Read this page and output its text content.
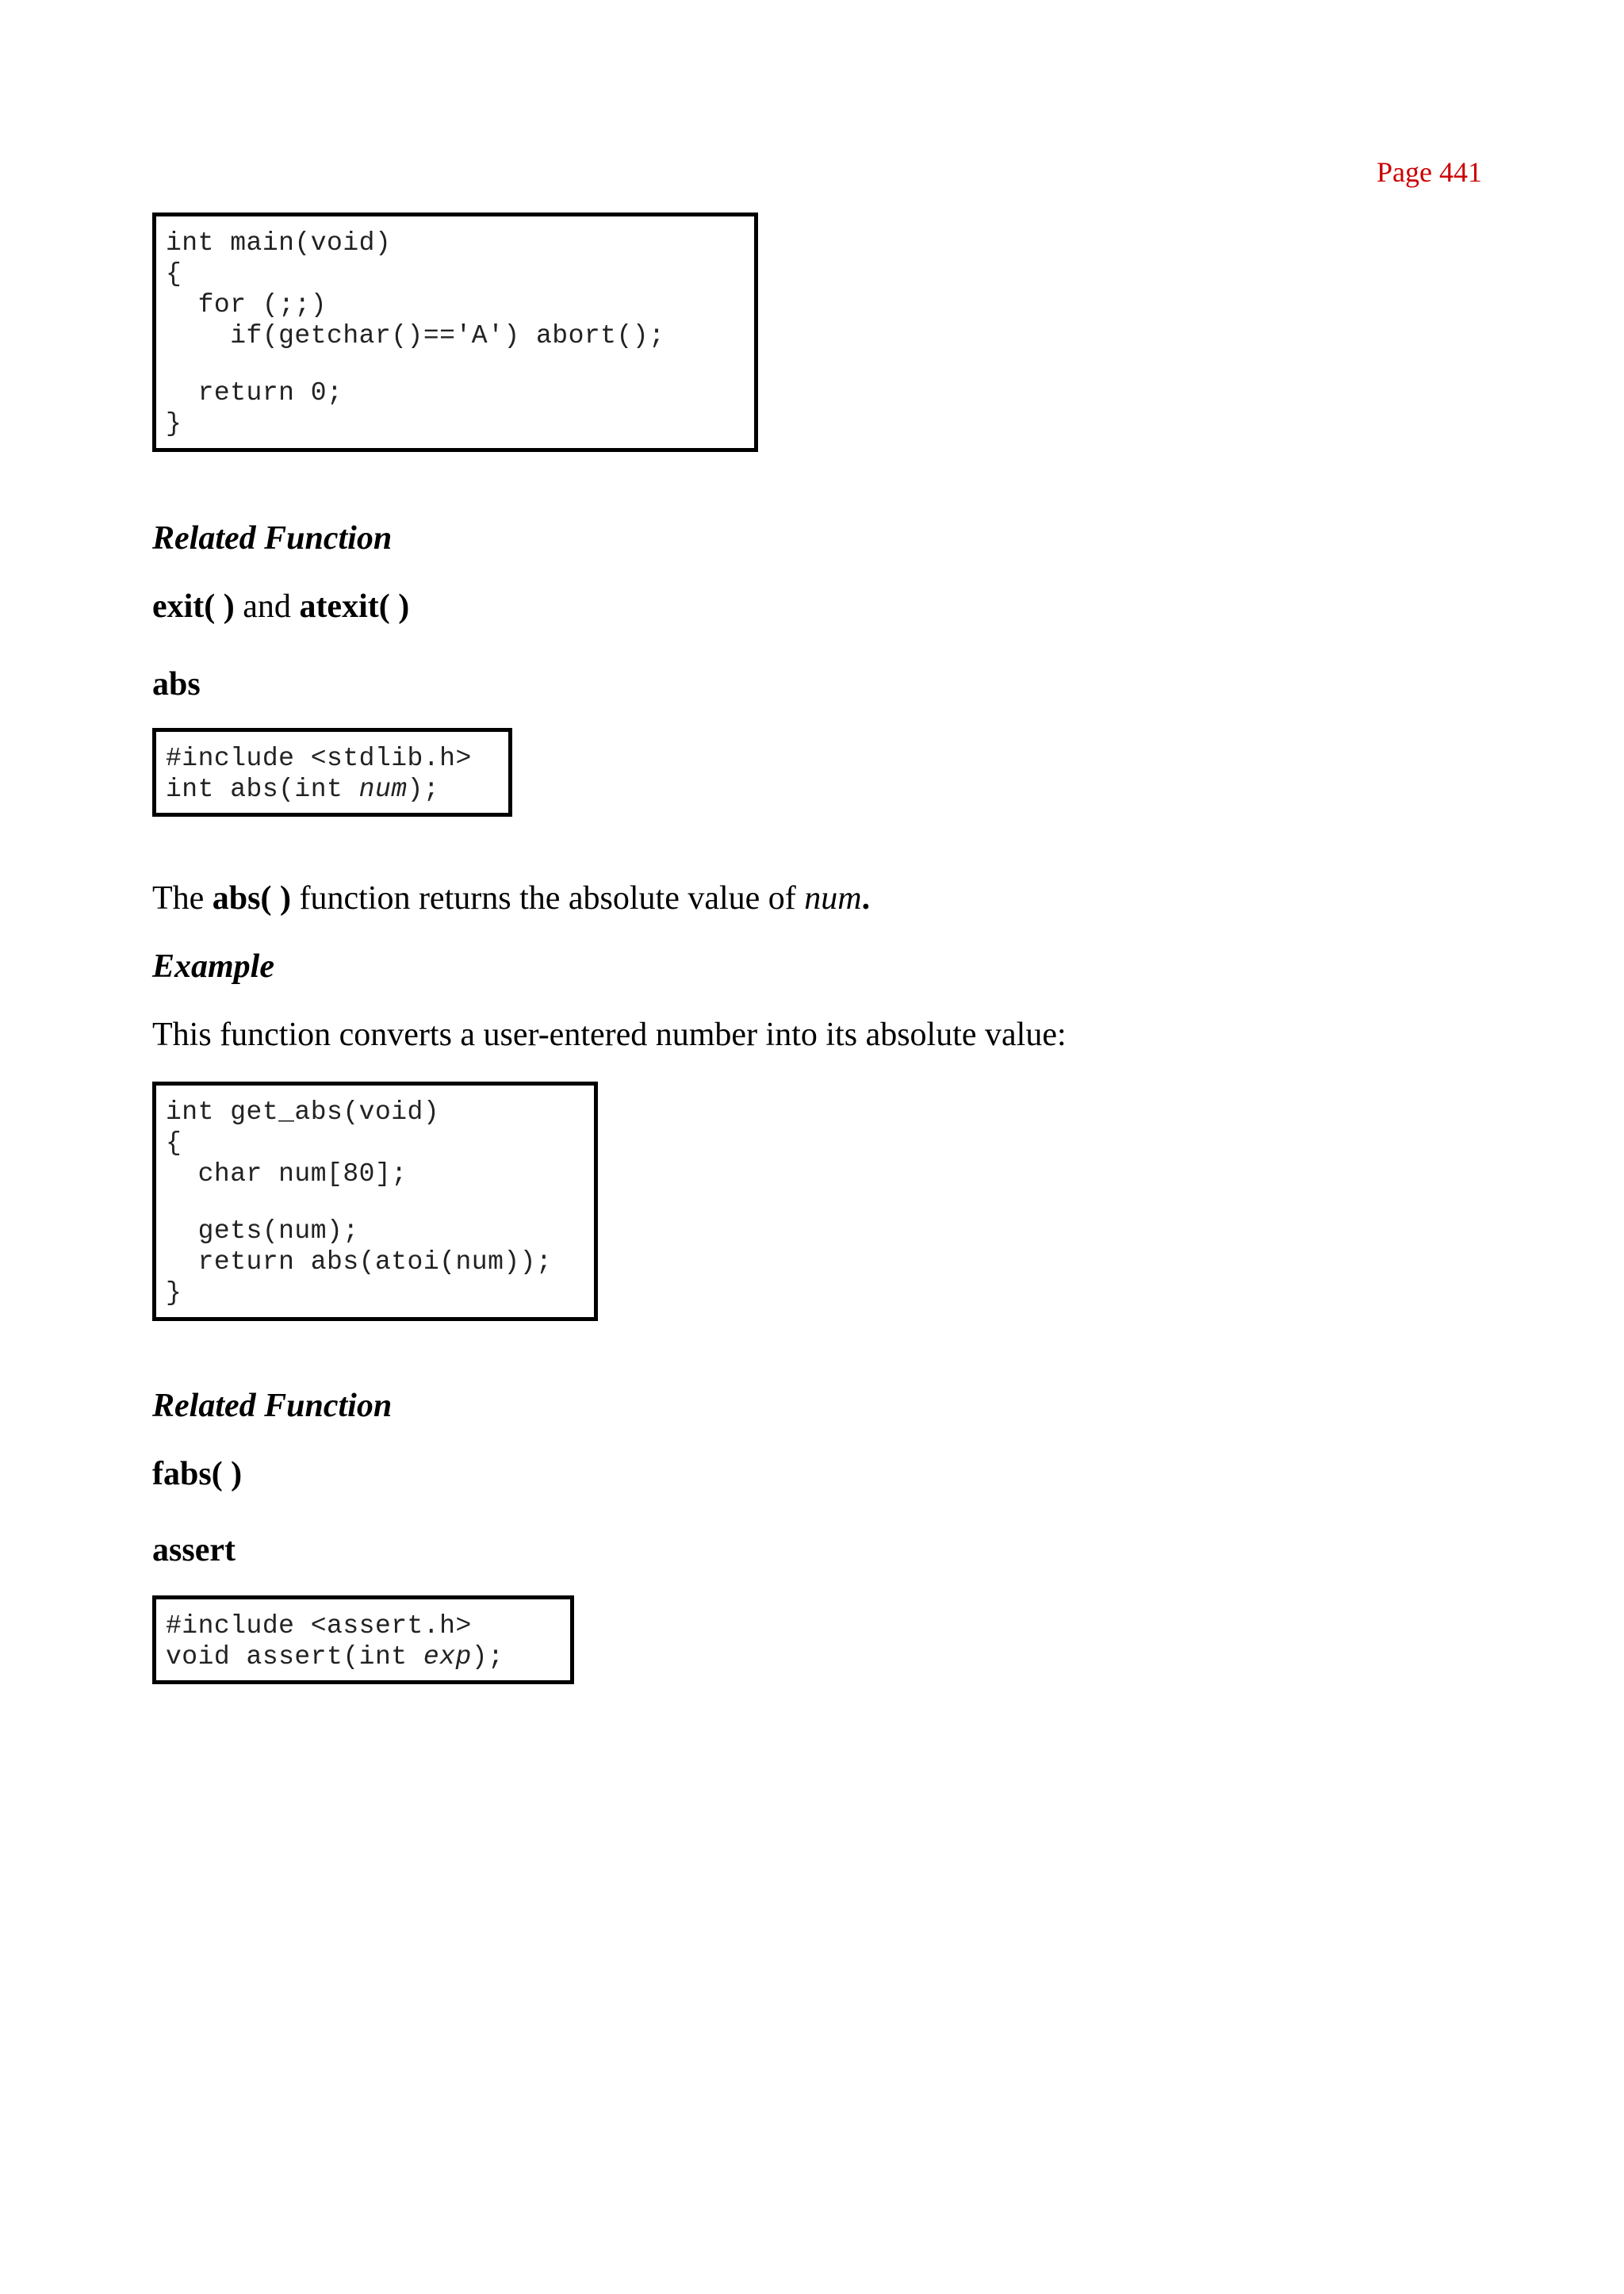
Page 441
int main(void)
{
for (;;)
if(getchar()=='A') abort();
return 0;
}
Related Function
exit( ) and atexit( )
abs
#include <stdlib.h>
int abs(int num);
The abs( ) function returns the absolute value of num.
Example
This function converts a user-entered number into its absolute value:
int get_abs(void)
{
char num[80];
gets(num);
return abs(atoi(num));
}
Related Function
fabs( )
assert
#include <assert.h>
void assert(int exp);
